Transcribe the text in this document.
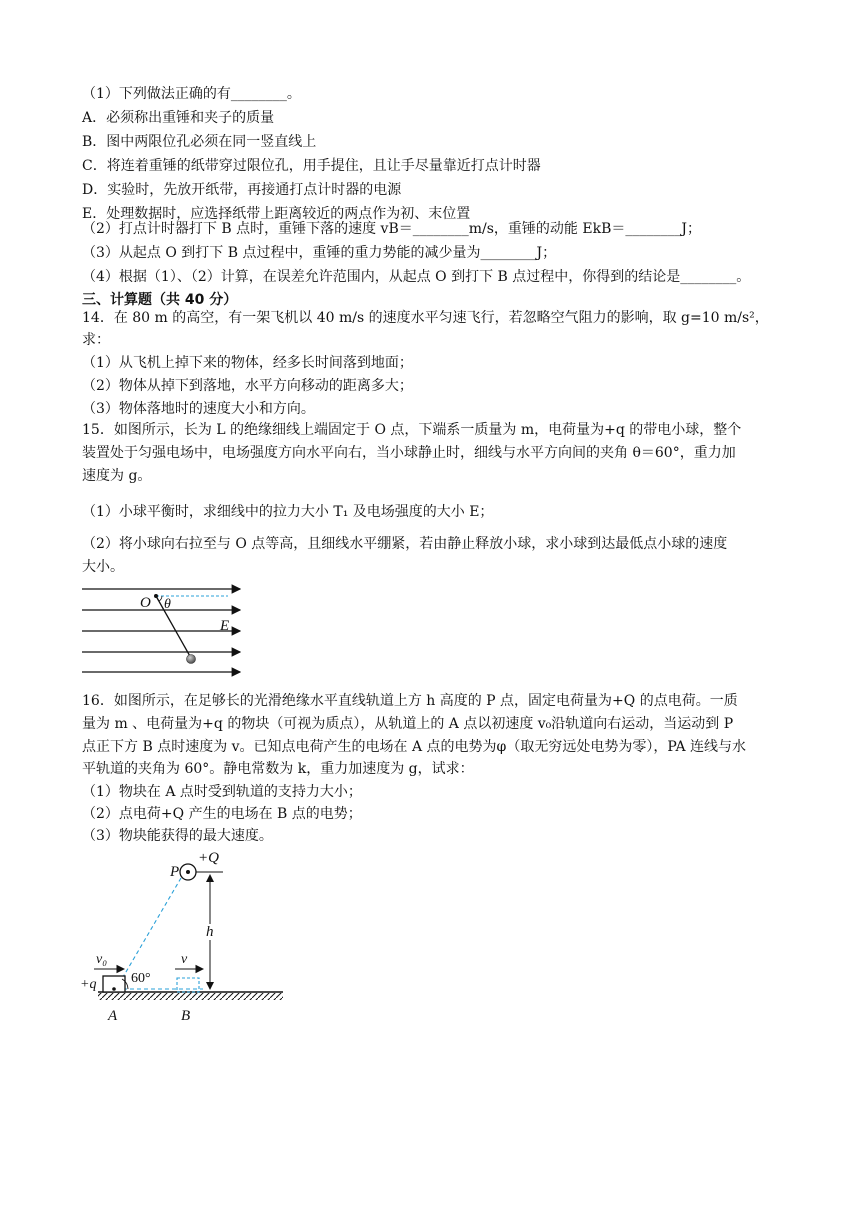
（1）下列做法正确的有________。
A．必须称出重锤和夹子的质量
B．图中两限位孔必须在同一竖直线上
C．将连着重锤的纸带穿过限位孔，用手提住，且让手尽量靠近打点计时器
D．实验时，先放开纸带，再接通打点计时器的电源
E．处理数据时，应选择纸带上距离较近的两点作为初、末位置
（2）打点计时器打下 B 点时，重锤下落的速度 vB＝________m/s，重锤的动能 EkB＝________J；
（3）从起点 O 到打下 B 点过程中，重锤的重力势能的减少量为________J；
（4）根据（1）、（2）计算，在误差允许范围内，从起点 O 到打下 B 点过程中，你得到的结论是________。
三、计算题（共 40 分）
14．在 80 m 的高空，有一架飞机以 40 m/s 的速度水平匀速飞行，若忽略空气阻力的影响，取 g=10 m/s²，
求：
（1）从飞机上掉下来的物体，经多长时间落到地面；
（2）物体从掉下到落地，水平方向移动的距离多大；
（3）物体落地时的速度大小和方向。
15．如图所示，长为 L 的绝缘细线上端固定于 O 点，下端系一质量为 m，电荷量为+q 的带电小球，整个
装置处于匀强电场中，电场强度方向水平向右，当小球静止时，细线与水平方向间的夹角 θ＝60°，重力加
速度为 g。
（1）小球平衡时，求细线中的拉力大小 T₁ 及电场强度的大小 E；
（2）将小球向右拉至与 O 点等高，且细线水平绷紧，若由静止释放小球，求小球到达最低点小球的速度
大小。
O θ
E
16．如图所示，在足够长的光滑绝缘水平直线轨道上方 h 高度的 P 点，固定电荷量为+Q 的点电荷。一质
量为 m 、电荷量为+q 的物块（可视为质点），从轨道上的 A 点以初速度 v₀沿轨道向右运动，当运动到 P
点正下方 B 点时速度为 v。已知点电荷产生的电场在 A 点的电势为φ（取无穷远处电势为零），PA 连线与水
平轨道的夹角为 60°。静电常数为 k，重力加速度为 g，试求：
（1）物块在 A 点时受到轨道的支持力大小；
（2）点电荷+Q 产生的电场在 B 点的电势；
（3）物块能获得的最大速度。
P
+Q
h
v₀
+q 60°
v
A	B
